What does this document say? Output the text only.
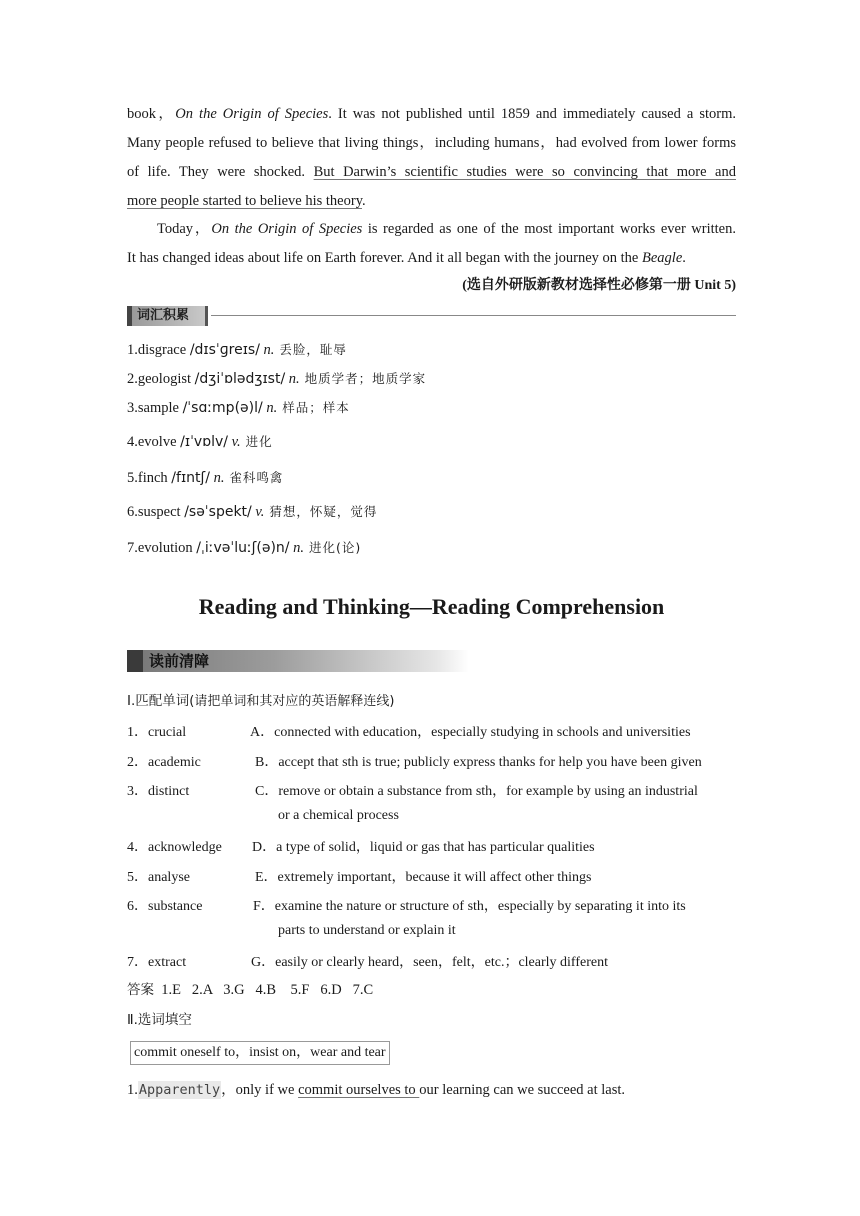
book，On the Origin of Species. It was not published until 1859 and immediately caused a storm.
Many people refused to believe that living things，including humans，had evolved from lower forms
of life. They were shocked. But Darwin’s scientific studies were so convincing that more and
more people started to believe his theory.
Today，On the Origin of Species is regarded as one of the most important works ever written.
It has changed ideas about life on Earth forever. And it all began with the journey on the Beagle.
(选自外研版新教材选择性必修第一册 Unit 5)
词汇积累
1.disgrace /dɪsˈɡreɪs/ n. 丢脸，耻辱
2.geologist /dʒiˈɒlədʒɪst/ n. 地质学者；地质学家
3.sample /ˈsɑːmp(ə)l/ n. 样品；样本
4.evolve /ɪˈvɒlv/ v. 进化
5.finch /fɪntʃ/ n. 雀科鸣禽
6.suspect /səˈspekt/ v. 猜想，怀疑，觉得
7.evolution /ˌiːvəˈluːʃ(ə)n/ n. 进化(论)
Reading and Thinking—Reading Comprehension
读前清障
Ⅰ.匹配单词(请把单词和其对应的英语解释连线)
1．crucial	A．connected with education，especially studying in schools and universities
2．academic	B．accept that sth is true; publicly express thanks for help you have been given
3．distinct	C．remove or obtain a substance from sth，for example by using an industrial
or a chemical process
4．acknowledge D．a type of solid，liquid or gas that has particular qualities
5．analyse	E．extremely important，because it will affect other things
6．substance	F．examine the nature or structure of sth，especially by separating it into its
parts to understand or explain it
7．extract	G．easily or clearly heard，seen，felt，etc.；clearly different
答案  1.E   2.A   3.G   4.B    5.F   6.D   7.C
Ⅱ.选词填空
commit oneself to，insist on，wear and tear
1.Apparently，only if we commit ourselves to our learning can we succeed at last.
